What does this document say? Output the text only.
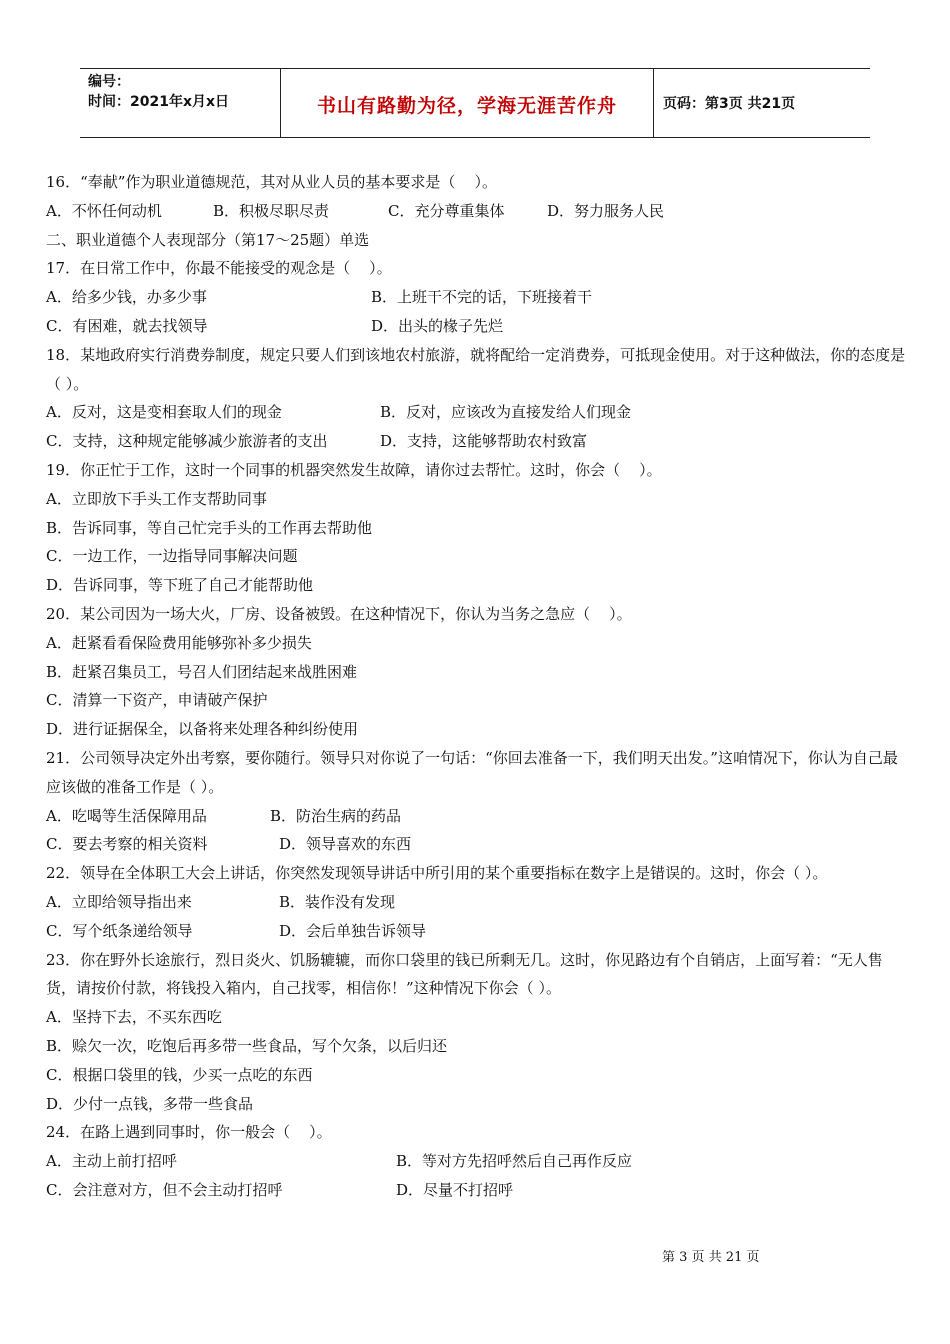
编号：
时间：2021年x月x日	书山有路勤为径，学海无涯苦作舟	页码：第3页 共21页
16．“奉献”作为职业道德规范，其对从业人员的基本要求是（    ）。
A．不怀任何动机	B．积极尽职尽责	C．充分尊重集体	D．努力服务人民
二、职业道德个人表现部分（第17～25题）单选
17．在日常工作中，你最不能接受的观念是（    ）。
A．给多少钱，办多少事	B．上班干不完的话，下班接着干
C．有困难，就去找领导	D．出头的椽子先烂
18．某地政府实行消费券制度，规定只要人们到该地农村旅游，就将配给一定消费券，可抵现金使用。对于这种做法，你的态度是（ ）。
A．反对，这是变相套取人们的现金	B．反对，应该改为直接发给人们现金
C．支持，这种规定能够减少旅游者的支出	D．支持，这能够帮助农村致富
19．你正忙于工作，这时一个同事的机器突然发生故障，请你过去帮忙。这时，你会（    ）。
A．立即放下手头工作支帮助同事
B．告诉同事，等自己忙完手头的工作再去帮助他
C．一边工作，一边指导同事解决问题
D．告诉同事，等下班了自己才能帮助他
20．某公司因为一场大火，厂房、设备被毁。在这种情况下，你认为当务之急应（    ）。
A．赶紧看看保险费用能够弥补多少损失
B．赶紧召集员工，号召人们团结起来战胜困难
C．清算一下资产，申请破产保护
D．进行证据保全，以备将来处理各种纠纷使用
21．公司领导决定外出考察，要你随行。领导只对你说了一句话：“你回去准备一下，我们明天出发。”这咱情况下，你认为自己最应该做的准备工作是（ ）。
A．吃喝等生活保障用品	B．防治生病的药品
C．要去考察的相关资料	D．领导喜欢的东西
22．领导在全体职工大会上讲话，你突然发现领导讲话中所引用的某个重要指标在数字上是错误的。这时，你会（ ）。
A．立即给领导指出来	B．装作没有发现
C．写个纸条递给领导	D．会后单独告诉领导
23．你在野外长途旅行，烈日炎火、饥肠辘辘，而你口袋里的钱已所剩无几。这时，你见路边有个自销店，上面写着：“无人售货，请按价付款，将钱投入箱内，自己找零，相信你！”这种情况下你会（ ）。
A．坚持下去，不买东西吃
B．赊欠一次，吃饱后再多带一些食品，写个欠条，以后归还
C．根据口袋里的钱，少买一点吃的东西
D．少付一点钱，多带一些食品
24．在路上遇到同事时，你一般会（    ）。
A．主动上前打招呼	B．等对方先招呼然后自己再作反应
C．会注意对方，但不会主动打招呼	D．尽量不打招呼
第 3 页 共 21 页
